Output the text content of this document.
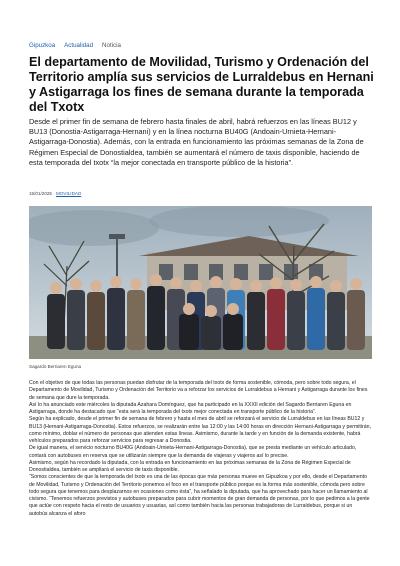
Gipuzkoa Actualidad Noticia
El departamento de Movilidad, Turismo y Ordenación del Territorio amplía sus servicios de Lurraldebus en Hernani y Astigarraga los fines de semana durante la temporada del Txotx

Desde el primer fin de semana de febrero hasta finales de abril, habrá refuerzos en las líneas BU12 y BU13 (Donostia-Astigarraga-Hernani) y en la línea nocturna BU40G (Andoain-Urnieta-Hernani-Astigarraga-Donostia). Además, con la entrada en funcionamiento las próximas semanas de la Zona de Régimen Especial de Donostialdea, también se aumentará el número de taxis disponible, haciendo de esta temporada del txotx “la mejor conectada en transporte público de la historia”.

15/01/2025 MOVILIDAD
Sagardo Berriaren Eguna

Con el objetivo de que todas las personas puedan disfrutar de la temporada del txotx de forma sostenible, cómoda, pero sobre todo segura, el Departamento de Movilidad, Turismo y Ordenación del Territorio va a reforzar los servicios de Lurraldebus a Hernani y Astigarraga durante los fines de semana que dure la temporada.

Así lo ha anunciado este miércoles la diputada Azahara Domínguez, que ha participado en la XXXII edición del Sagardo Berriaren Eguna en Astigarraga, donde ha destacado que “esta será la temporada del txotx mejor conectada en transporte público de la historia”.

Según ha explicado, desde el primer fin de semana de febrero y hasta el mes de abril se reforzará el servicio de Lurraldebus en las líneas BU12 y BU13 (Hernani-Astigarraga-Donostia). Estos refuerzos, se realizarán entre las 12:00 y las 14:00 horas en dirección Hernani-Astigarraga y permitirán, como mínimo, doblar el número de personas que atienden estas líneas. Asimismo, durante la tarde y en función de la demanda existente, habrá vehículos preparados para reforzar servicios para regresar a Donostia.

De igual manera, el servicio nocturno BU40G (Andoain-Urnieta-Hernani-Astigarraga-Donostia), que se presta mediante un vehículo articulado, contará con autobuses en reserva que se utilizarán siempre que la demanda de viajeras y viajeros así lo precise.

Asimismo, según ha recordado la diputada, con la entrada en funcionamiento en las próximas semanas de la Zona de Régimen Especial de Donostialdea, también se ampliará el servicio de taxis disponible.

“Somos conscientes de que la temporada del txotx es una de las épocas que más personas mueve en Gipuzkoa y por ello, desde el Departamento de Movilidad, Turismo y Ordenación del Territorio ponemos el foco en el transporte público porque es la forma más sostenible, cómoda pero sobre todo segura que tenemos para desplazarnos en ocasiones como ésta”, ha señalado la diputada, que ha aprovechado para hacer un llamamiento al civismo. “Tenemos refuerzos previstos y autobuses preparados para cubrir momentos de gran demanda de personas, por lo que pedimos a la gente que actúe con respeto hacia el resto de usuarios y usuarias, así como también hacia las personas trabajadoras de Lurraldebus, porque si un autobús alcanza el aforo
